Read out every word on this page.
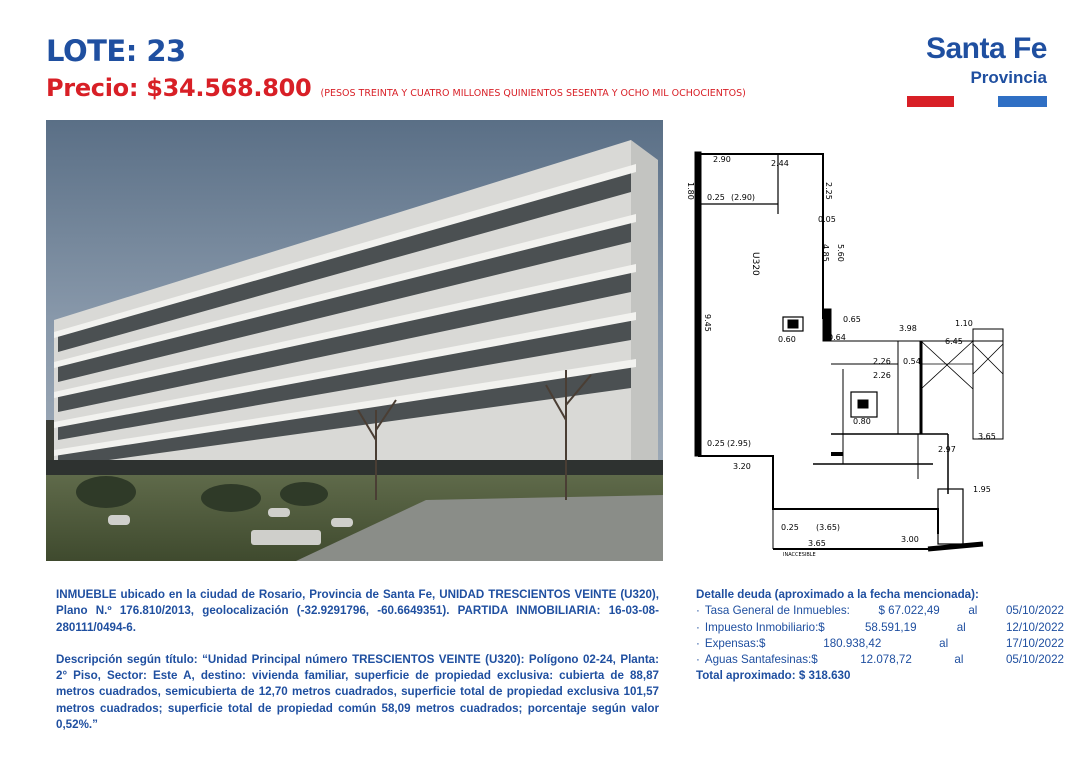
LOTE: 23
Precio: $34.568.800 (PESOS TREINTA Y CUATRO MILLONES QUINIENTOS SESENTA Y OCHO MIL OCHOCIENTOS)
Santa Fe
Provincia
2.90	2.44
1.80 0.25 (2.90)	2.25
0.05
4.85 5.60
9.45
0.60	0.64
0.65
3.98
1.10
6.45
2.26 0.54
2.26
0.80
0.25 (2.95)
3.20
2.97
3.65
1.95
0.25 (3.65)
3.00
3.65
INACCESIBLE
U320

INMUEBLE ubicado en la ciudad de Rosario, Provincia de Santa Fe, UNIDAD TRESCIENTOS VEINTE (U320), Plano N.º 176.810/2013, geolocalización (-32.9291796, -60.6649351). PARTIDA INMOBILIARIA: 16-03-08-280111/0494-6.

Descripción según título: “Unidad Principal número TRESCIENTOS VEINTE (U320): Polígono 02-24, Planta: 2° Piso, Sector: Este A, destino: vivienda familiar, superficie de propiedad exclusiva: cubierta de 88,87 metros cuadrados, semicubierta de 12,70 metros cuadrados, superficie total de propiedad exclusiva 101,57 metros cuadrados; superficie total de propiedad común 58,09 metros cuadrados; porcentaje según valor 0,52%.”

Detalle deuda (aproximado a la fecha mencionada):
· Tasa General de Inmuebles: $ 67.022,49 al 05/10/2022
· Impuesto Inmobiliario:$	58.591,19	al	12/10/2022
· Expensas:$	180.938,42	al	17/10/2022
· Aguas Santafesinas:$	12.078,72	al	05/10/2022
Total aproximado: $ 318.630
